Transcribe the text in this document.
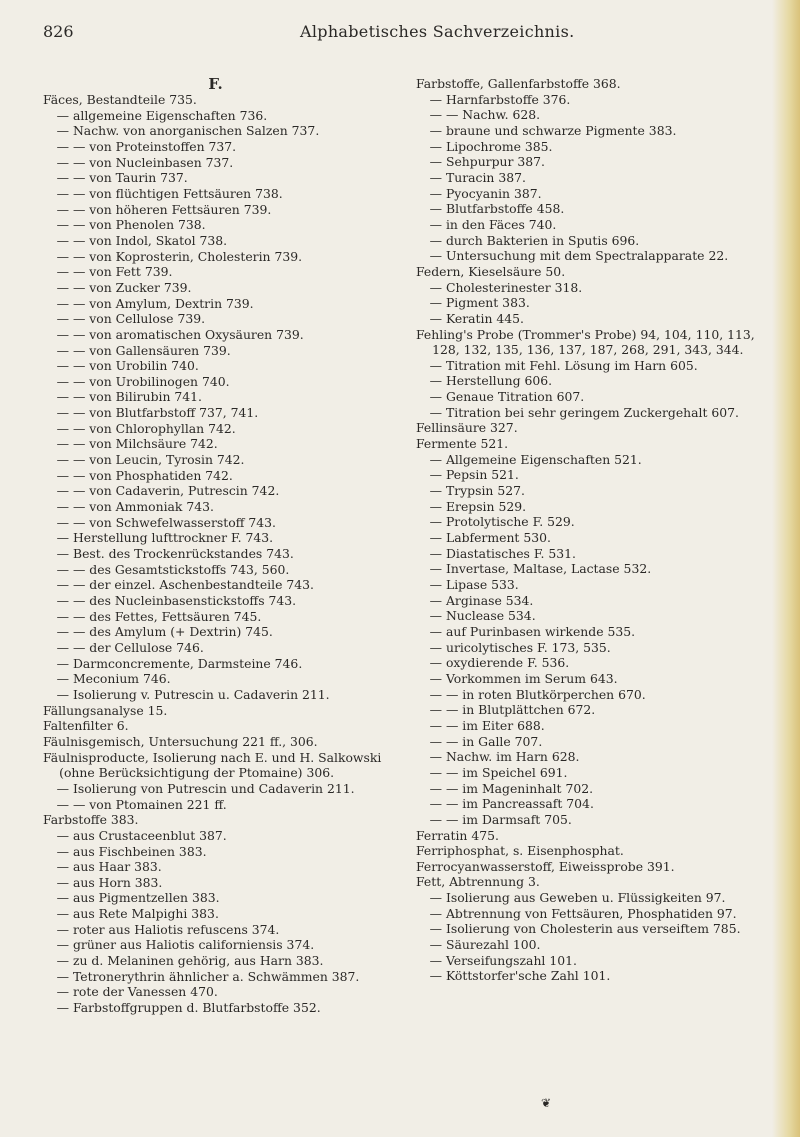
826	Alphabetisches Sachverzeichnis.
F.
Fäces, Bestandteile 735.
— allgemeine Eigenschaften 736.
— Nachw. von anorganischen Salzen 737.
— — von Proteinstoffen 737.
— — von Nucleinbasen 737.
— — von Taurin 737.
— — von flüchtigen Fettsäuren 738.
— — von höheren Fettsäuren 739.
— — von Phenolen 738.
— — von Indol, Skatol 738.
— — von Koprosterin, Cholesterin 739.
— — von Fett 739.
— — von Zucker 739.
— — von Amylum, Dextrin 739.
— — von Cellulose 739.
— — von aromatischen Oxysäuren 739.
— — von Gallensäuren 739.
— — von Urobilin 740.
— — von Urobilinogen 740.
— — von Bilirubin 741.
— — von Blutfarbstoff 737, 741.
— — von Chlorophyllan 742.
— — von Milchsäure 742.
— — von Leucin, Tyrosin 742.
— — von Phosphatiden 742.
— — von Cadaverin, Putrescin 742.
— — von Ammoniak 743.
— — von Schwefelwasserstoff 743.
— Herstellung lufttrockner F. 743.
— Best. des Trockenrückstandes 743.
— — des Gesamtstickstoffs 743, 560.
— — der einzel. Aschenbestandteile 743.
— — des Nucleinbasenstickstoffs 743.
— — des Fettes, Fettsäuren 745.
— — des Amylum (+ Dextrin) 745.
— — der Cellulose 746.
— Darmconcremente, Darmsteine 746.
— Meconium 746.
— Isolierung v. Putrescin u. Cadaverin 211.
Fällungsanalyse 15.
Faltenfilter 6.
Fäulnisgemisch, Untersuchung 221 ff., 306.
Fäulnisproducte, Isolierung nach E. und H. Salkowski (ohne Berücksichtigung der Ptomaine) 306.
— Isolierung von Putrescin und Cadaverin 211.
— — von Ptomainen 221 ff.
Farbstoffe 383.
— aus Crustaceenblut 387.
— aus Fischbeinen 383.
— aus Haar 383.
— aus Horn 383.
— aus Pigmentzellen 383.
— aus Rete Malpighi 383.
— roter aus Haliotis refuscens 374.
— grüner aus Haliotis californiensis 374.
— zu d. Melaninen gehörig, aus Harn 383.
— Tetronerythrin ähnlicher a. Schwämmen 387.
— rote der Vanessen 470.
— Farbstoffgruppen d. Blutfarbstoffe 352.
Farbstoffe, Gallenfarbstoffe 368.
— Harnfarbstoffe 376.
— — Nachw. 628.
— braune und schwarze Pigmente 383.
— Lipochrome 385.
— Sehpurpur 387.
— Turacin 387.
— Pyocyanin 387.
— Blutfarbstoffe 458.
— in den Fäces 740.
— durch Bakterien in Sputis 696.
— Untersuchung mit dem Spectralapparate 22.
Federn, Kieselsäure 50.
— Cholesterinester 318.
— Pigment 383.
— Keratin 445.
Fehling's Probe (Trommer's Probe) 94, 104, 110, 113, 128, 132, 135, 136, 137, 187, 268, 291, 343, 344.
— Titration mit Fehl. Lösung im Harn 605.
— Herstellung 606.
— Genaue Titration 607.
— Titration bei sehr geringem Zuckergehalt 607.
Fellinsäure 327.
Fermente 521.
— Allgemeine Eigenschaften 521.
— Pepsin 521.
— Trypsin 527.
— Erepsin 529.
— Protolytische F. 529.
— Labferment 530.
— Diastatisches F. 531.
— Invertase, Maltase, Lactase 532.
— Lipase 533.
— Arginase 534.
— Nuclease 534.
— auf Purinbasen wirkende 535.
— uricolytisches F. 173, 535.
— oxydierende F. 536.
— Vorkommen im Serum 643.
— — in roten Blutkörperchen 670.
— — in Blutplättchen 672.
— — im Eiter 688.
— — in Galle 707.
— Nachw. im Harn 628.
— — im Speichel 691.
— — im Mageninhalt 702.
— — im Pancreassaft 704.
— — im Darmsaft 705.
Ferratin 475.
Ferriphosphat, s. Eisenphosphat.
Ferrocyanwasserstoff, Eiweissprobe 391.
Fett, Abtrennung 3.
— Isolierung aus Geweben u. Flüssigkeiten 97.
— Abtrennung von Fettsäuren, Phosphatiden 97.
— Isolierung von Cholesterin aus verseiftem 785.
— Säurezahl 100.
— Verseifungszahl 101.
— Köttstorfer'sche Zahl 101.
❦
